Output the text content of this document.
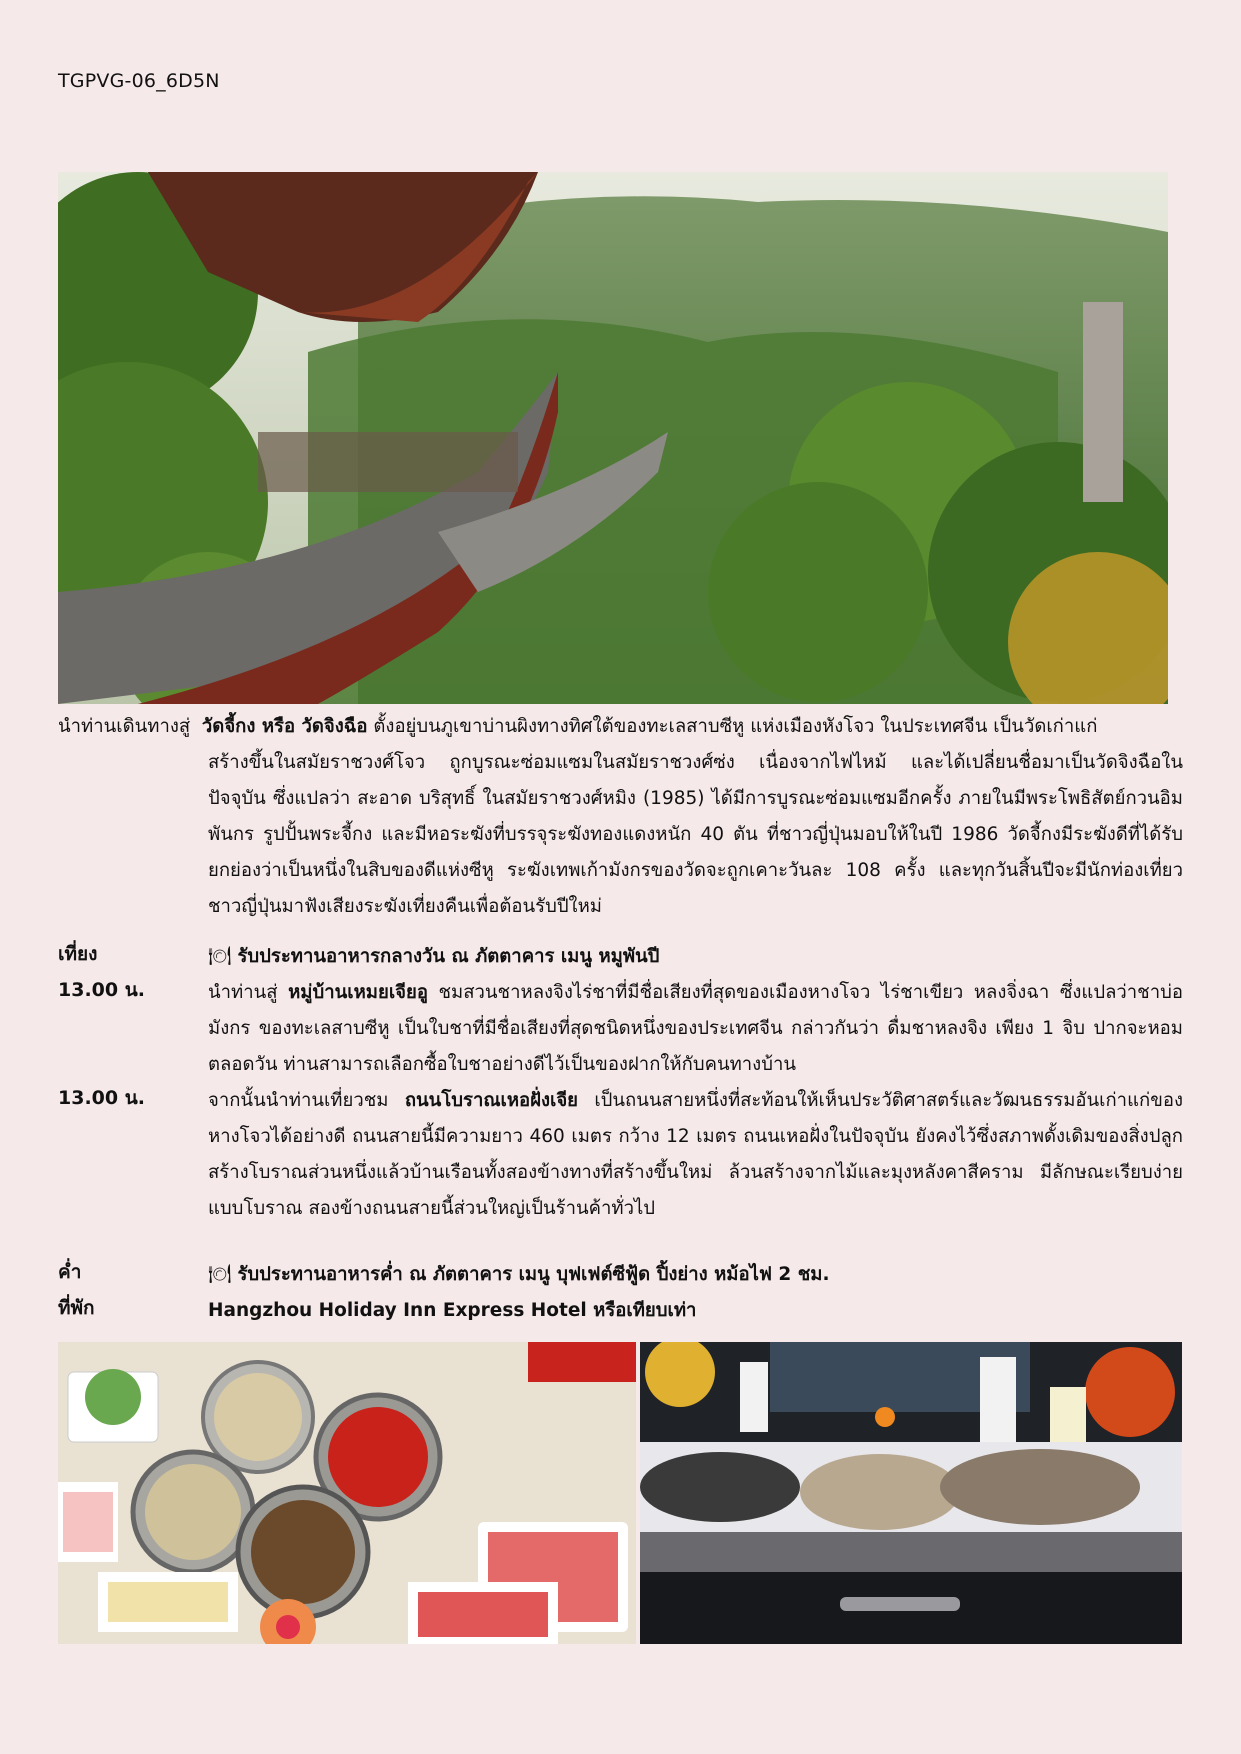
TGPVG-06_6D5N
นำท่านเดินทางสู่ วัดจี้กง หรือ วัดจิงฉือ ตั้งอยู่บนภูเขาบ่านผิงทางทิศใต้ของทะเลสาบซีหู แห่งเมืองหังโจว ในประเทศจีน เป็นวัดเก่าแก่
สร้างขึ้นในสมัยราชวงศ์โจว ถูกบูรณะซ่อมแซมในสมัยราชวงศ์ซ่ง เนื่องจากไฟไหม้ และได้เปลี่ยนชื่อมาเป็นวัดจิงฉือในปัจจุบัน ซึ่งแปลว่า สะอาด บริสุทธิ์ ในสมัยราชวงศ์หมิง (1985) ได้มีการบูรณะซ่อมแซมอีกครั้ง ภายในมีพระโพธิสัตย์กวนอิมพันกร รูปปั้นพระจี้กง และมีหอระฆังที่บรรจุระฆังทองแดงหนัก 40 ตัน ที่ชาวญี่ปุ่นมอบให้ในปี 1986 วัดจี้กงมีระฆังดีที่ได้รับยกย่องว่าเป็นหนึ่งในสิบของดีแห่งซีหู ระฆังเทพเก้ามังกรของวัดจะถูกเคาะวันละ 108 ครั้ง และทุกวันสิ้นปีจะมีนักท่องเที่ยวชาวญี่ปุ่นมาฟังเสียงระฆังเที่ยงคืนเพื่อต้อนรับปีใหม่
เที่ยง	🍽 รับประทานอาหารกลางวัน ณ ภัตตาคาร เมนู หมูพันปี
13.00 น.	นำท่านสู่ หมู่บ้านเหมยเจียอู ชมสวนชาหลงจิงไร่ชาที่มีชื่อเสียงที่สุดของเมืองหางโจว ไร่ชาเขียว หลงจิ่งฉา ซึ่งแปลว่าชาบ่อมังกร ของทะเลสาบซีหู เป็นใบชาที่มีชื่อเสียงที่สุดชนิดหนึ่งของประเทศจีน กล่าวกันว่า ดื่มชาหลงจิง เพียง 1 จิบ ปากจะหอมตลอดวัน ท่านสามารถเลือกซื้อใบชาอย่างดีไว้เป็นของฝากให้กับคนทางบ้าน
13.00 น.	จากนั้นนำท่านเที่ยวชม ถนนโบราณเหอฝั่งเจีย เป็นถนนสายหนึ่งที่สะท้อนให้เห็นประวัติศาสตร์และวัฒนธรรมอันเก่าแก่ของหางโจวได้อย่างดี ถนนสายนี้มีความยาว 460 เมตร กว้าง 12 เมตร ถนนเหอฝั่งในปัจจุบัน ยังคงไว้ซึ่งสภาพดั้งเดิมของสิ่งปลูกสร้างโบราณส่วนหนึ่งแล้วบ้านเรือนทั้งสองข้างทางที่สร้างขึ้นใหม่ ล้วนสร้างจากไม้และมุงหลังคาสีคราม มีลักษณะเรียบง่ายแบบโบราณ สองข้างถนนสายนี้ส่วนใหญ่เป็นร้านค้าทั่วไป
ค่ำ	🍽 รับประทานอาหารค่ำ ณ ภัตตาคาร เมนู บุฟเฟต์ซีฟู้ด ปิ้งย่าง หม้อไฟ 2 ชม.
ที่พัก	Hangzhou Holiday Inn Express Hotel หรือเทียบเท่า
